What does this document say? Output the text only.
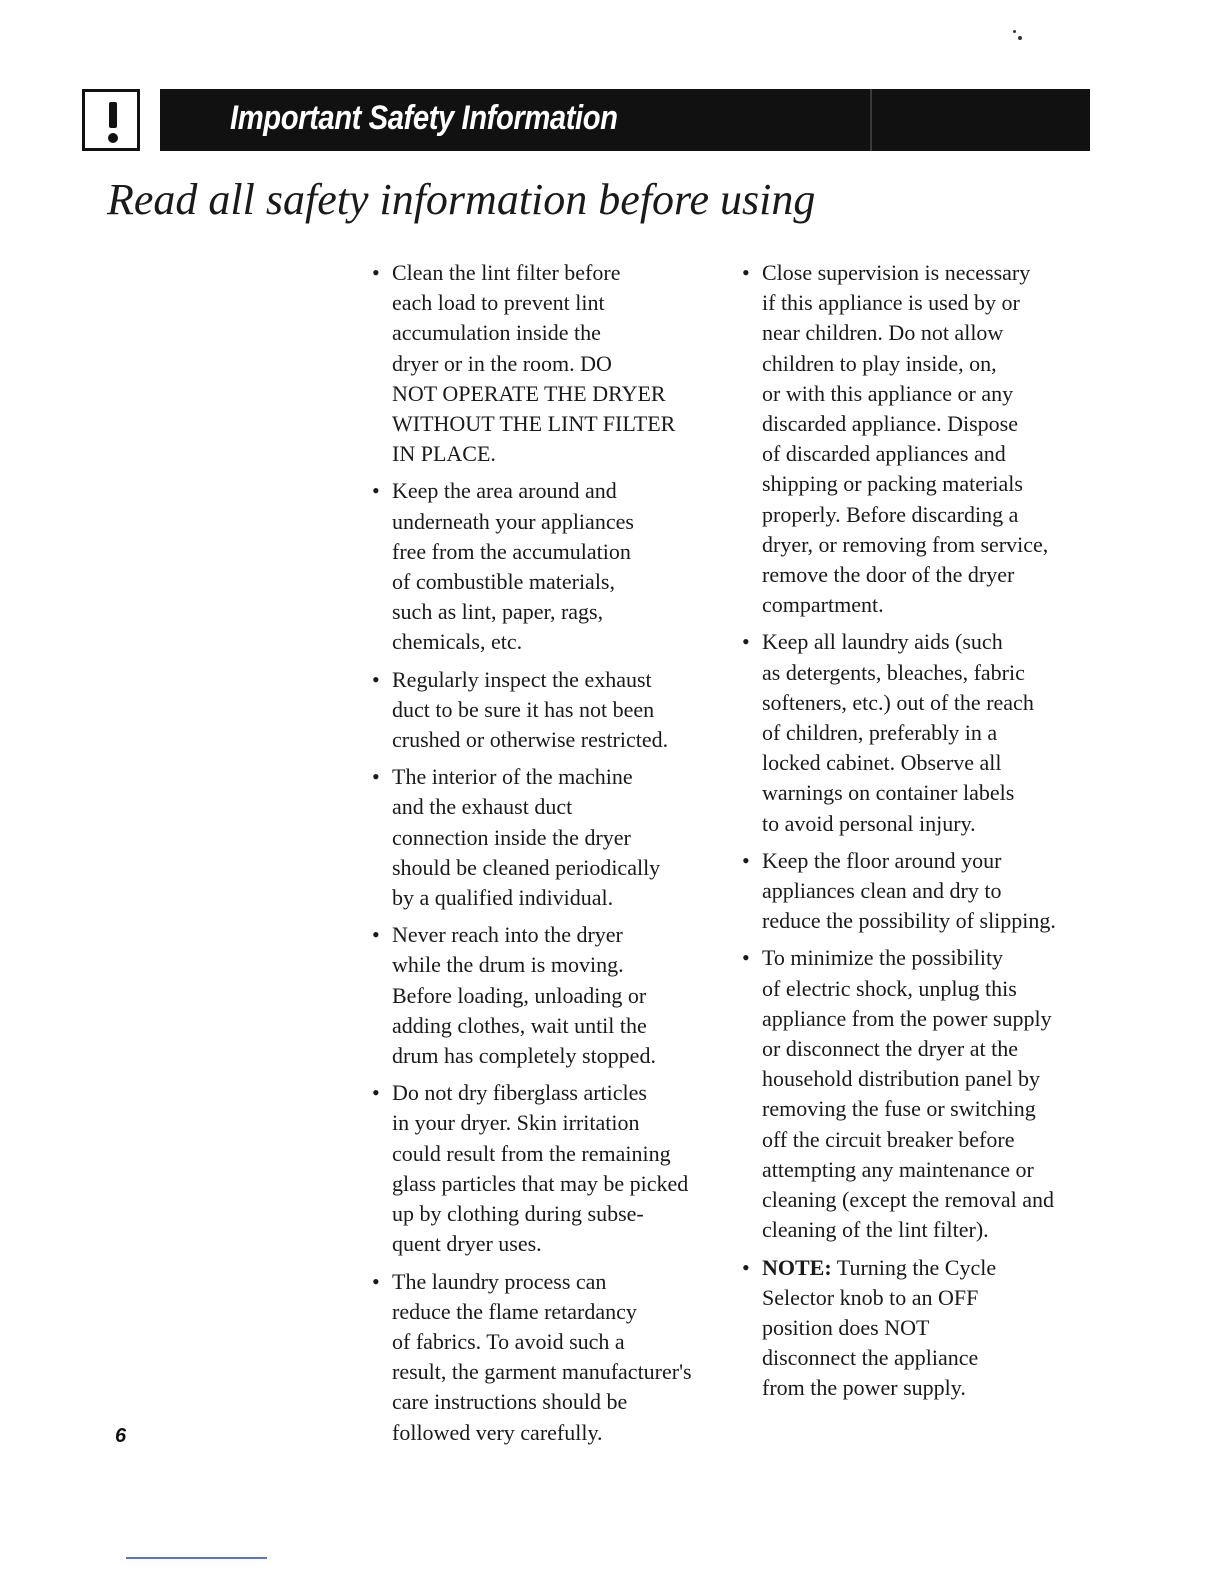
Important Safety Information
Read all safety information before using
• Clean the lint filter before
each load to prevent lint
accumulation inside the
dryer or in the room. DO
NOT OPERATE THE DRYER
WITHOUT THE LINT FILTER
IN PLACE.
• Keep the area around and
underneath your appliances
free from the accumulation
of combustible materials,
such as lint, paper, rags,
chemicals, etc.
• Regularly inspect the exhaust
duct to be sure it has not been
crushed or otherwise restricted.
• The interior of the machine
and the exhaust duct
connection inside the dryer
should be cleaned periodically
by a qualified individual.
• Never reach into the dryer
while the drum is moving.
Before loading, unloading or
adding clothes, wait until the
drum has completely stopped.
• Do not dry fiberglass articles
in your dryer. Skin irritation
could result from the remaining
glass particles that may be picked
up by clothing during subse-
quent dryer uses.
• The laundry process can
reduce the flame retardancy
of fabrics. To avoid such a
result, the garment manufacturer's
care instructions should be
followed very carefully.
• Close supervision is necessary
if this appliance is used by or
near children. Do not allow
children to play inside, on,
or with this appliance or any
discarded appliance. Dispose
of discarded appliances and
shipping or packing materials
properly. Before discarding a
dryer, or removing from service,
remove the door of the dryer
compartment.
• Keep all laundry aids (such
as detergents, bleaches, fabric
softeners, etc.) out of the reach
of children, preferably in a
locked cabinet. Observe all
warnings on container labels
to avoid personal injury.
• Keep the floor around your
appliances clean and dry to
reduce the possibility of slipping.
• To minimize the possibility
of electric shock, unplug this
appliance from the power supply
or disconnect the dryer at the
household distribution panel by
removing the fuse or switching
off the circuit breaker before
attempting any maintenance or
cleaning (except the removal and
cleaning of the lint filter).
• NOTE: Turning the Cycle
Selector knob to an OFF
position does NOT
disconnect the appliance
from the power supply.
6
